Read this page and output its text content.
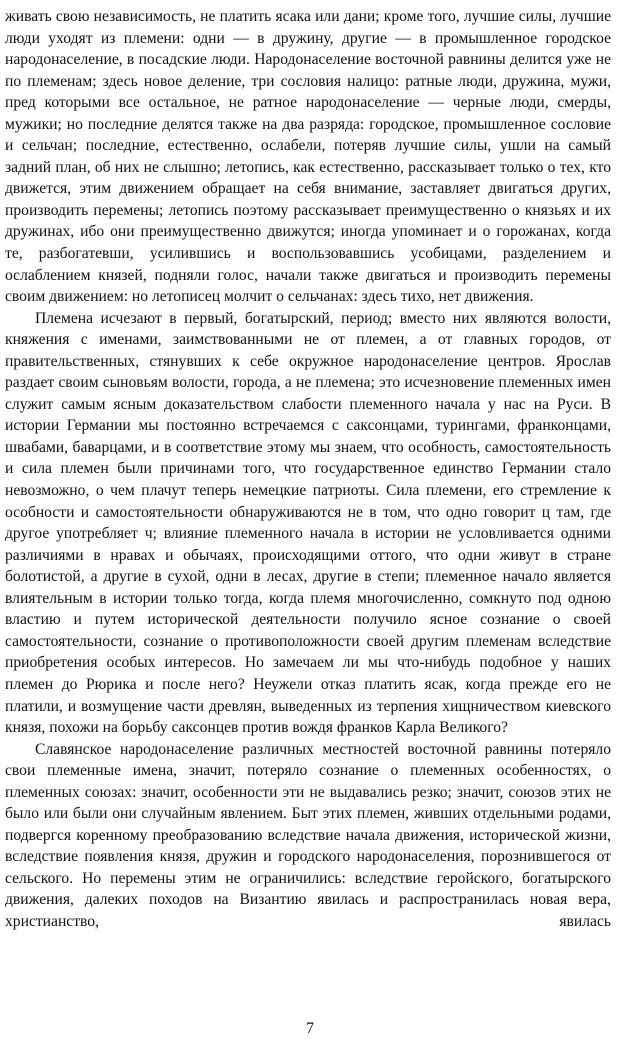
живать свою независимость, не платить ясака или дани; кроме того, лучшие силы, лучшие люди уходят из племени: одни — в дружину, другие — в промышленное городское народонаселение, в посадские люди. Народонаселение восточной равнины делится уже не по племенам; здесь новое деление, три сословия налицо: ратные люди, дружина, мужи, пред которыми все остальное, не ратное народонаселение — черные люди, смерды, мужики; но последние делятся также на два разряда: городское, промышленное сословие и сельчан; последние, естественно, ослабели, потеряв лучшие силы, ушли на самый задний план, об них не слышно; летопись, как естественно, рассказывает только о тех, кто движется, этим движением обращает на себя внимание, заставляет двигаться других, производить перемены; летопись поэтому рассказывает преимущественно о князьях и их дружинах, ибо они преимущественно движутся; иногда упоминает и о горожанах, когда те, разбогатевши, усилившись и воспользовавшись усобицами, разделением и ослаблением князей, подняли голос, начали также двигаться и производить перемены своим движением: но летописец молчит о сельчанах: здесь тихо, нет движения.

Племена исчезают в первый, богатырский, период; вместо них являются волости, княжения с именами, заимствованными не от племен, а от главных городов, от правительственных, стянувших к себе окружное народонаселение центров. Ярослав раздает своим сыновьям волости, города, а не племена; это исчезновение племенных имен служит самым ясным доказательством слабости племенного начала у нас на Руси. В истории Германии мы постоянно встречаемся с саксонцами, турингами, франконцами, швабами, баварцами, и в соответствие этому мы знаем, что особность, самостоятельность и сила племен были причинами того, что государственное единство Германии стало невозможно, о чем плачут теперь немецкие патриоты. Сила племени, его стремление к особности и самостоятельности обнаруживаются не в том, что одно говорит ц там, где другое употребляет ч; влияние племенного начала в истории не условливается одними различиями в нравах и обычаях, происходящими оттого, что одни живут в стране болотистой, а другие в сухой, одни в лесах, другие в степи; племенное начало является влиятельным в истории только тогда, когда племя многочисленно, сомкнуто под одною властию и путем исторической деятельности получило ясное сознание о своей самостоятельности, сознание о противоположности своей другим племенам вследствие приобретения особых интересов. Но замечаем ли мы что-нибудь подобное у наших племен до Рюрика и после него? Неужели отказ платить ясак, когда прежде его не платили, и возмущение части древлян, выведенных из терпения хищничеством киевского князя, похожи на борьбу саксонцев против вождя франков Карла Великого?

Славянское народонаселение различных местностей восточной равнины потеряло свои племенные имена, значит, потеряло сознание о племенных особенностях, о племенных союзах: значит, особенности эти не выдавались резко; значит, союзов этих не было или были они случайным явлением. Быт этих племен, живших отдельными родами, подвергся коренному преобразованию вследствие начала движения, исторической жизни, вследствие появления князя, дружин и городского народонаселения, порознившегося от сельского. Но перемены этим не ограничились: вследствие геройского, богатырского движения, далеких походов на Византию явилась и распространилась новая вера, христианство, явилась

7
